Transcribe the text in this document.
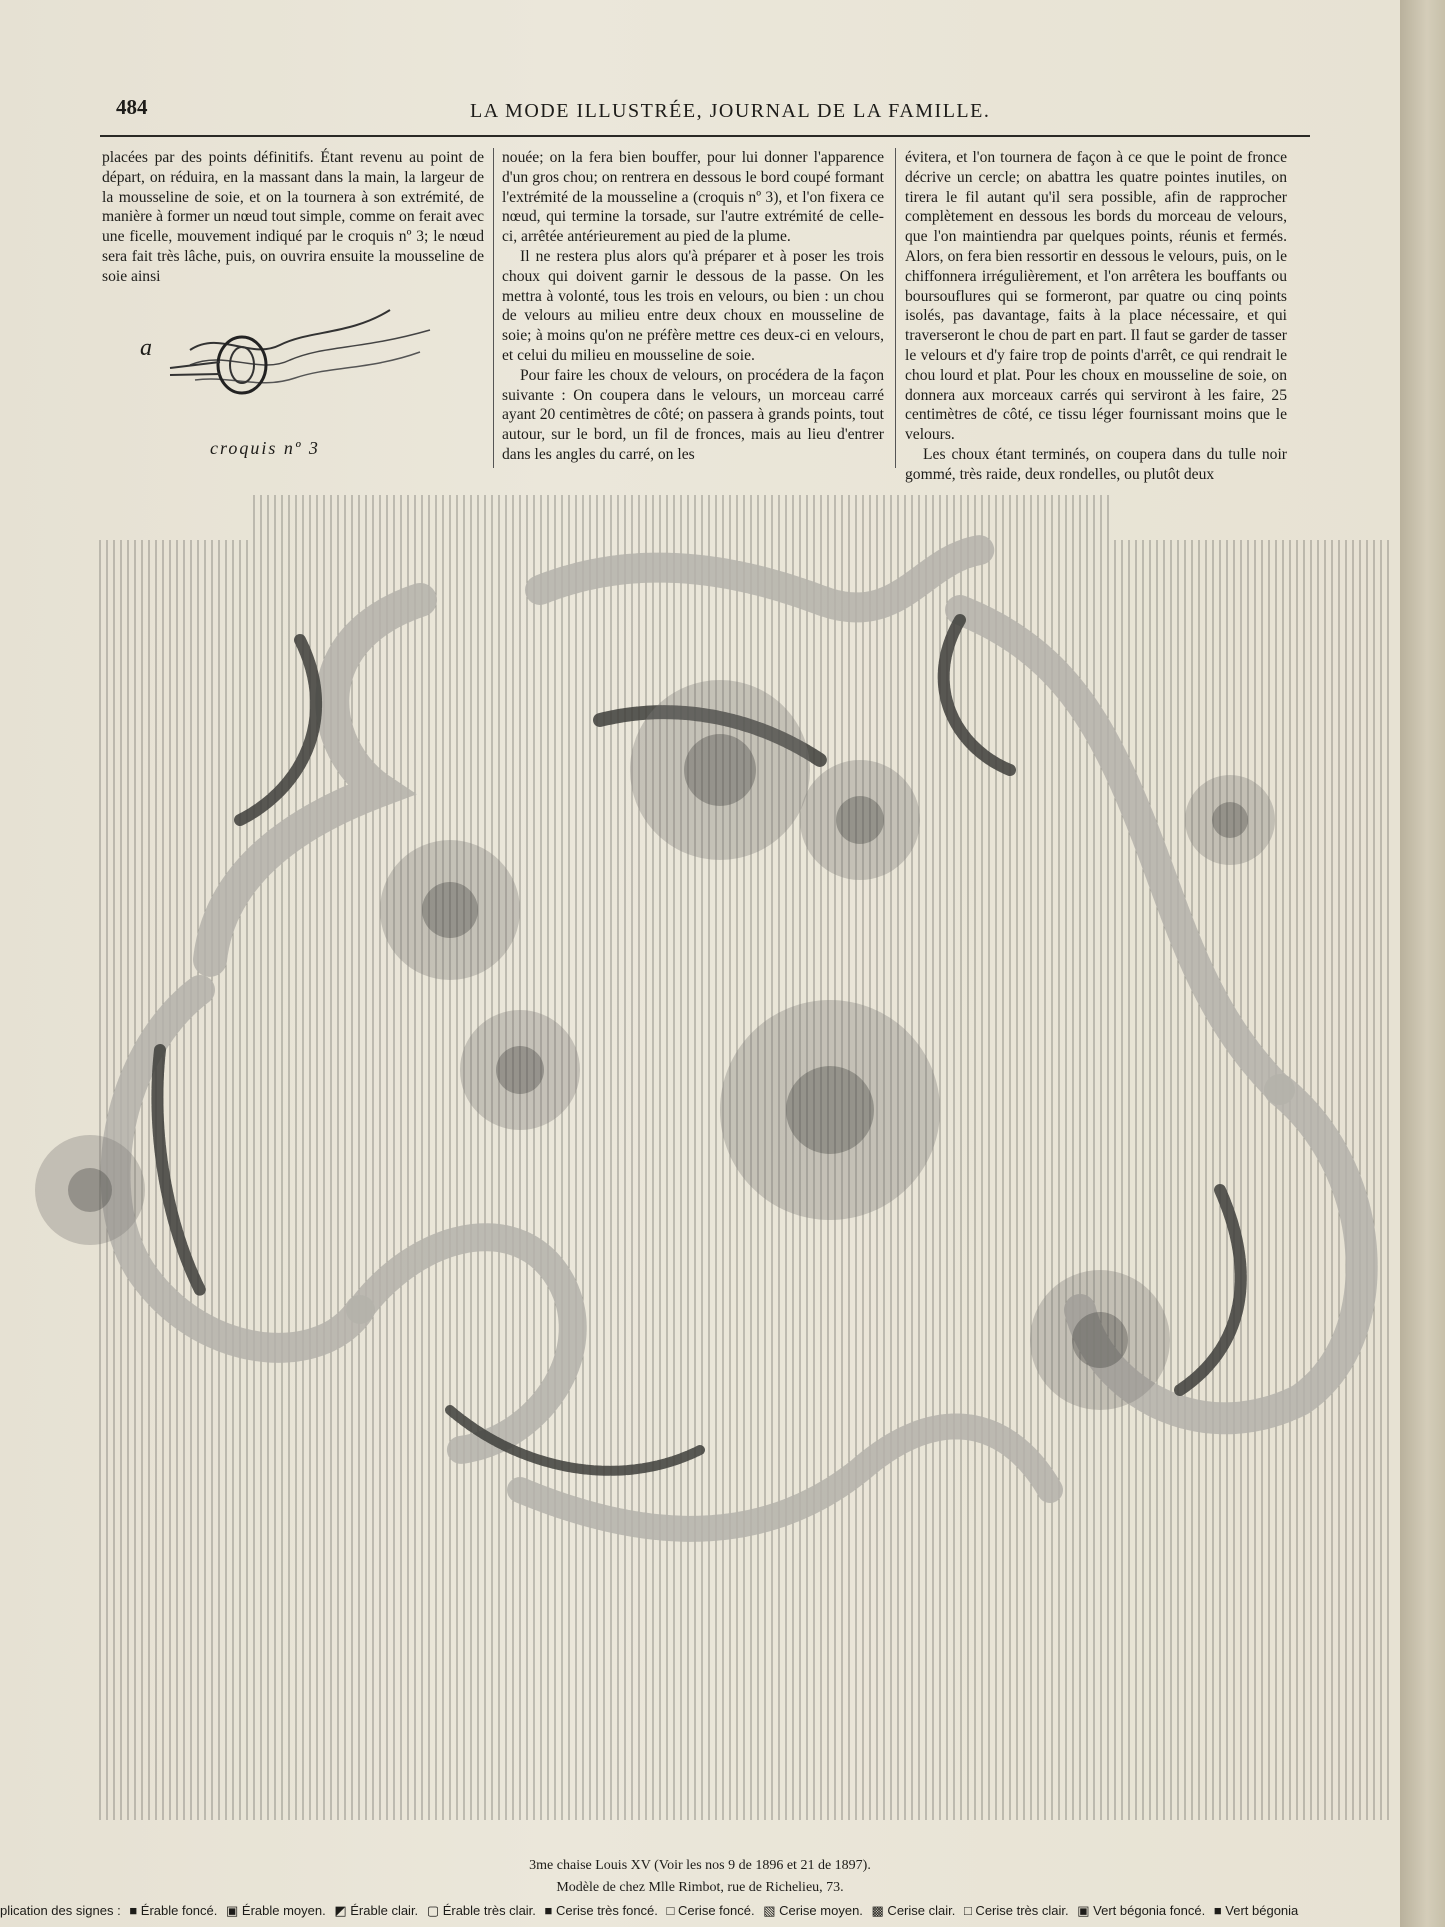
484	LA MODE ILLUSTRÉE, JOURNAL DE LA FAMILLE.

placées par des points définitifs. Étant revenu au point de départ, on réduira, en la massant dans la main, la largeur de la mousseline de soie, et on la tournera à son extrémité, de manière à former un nœud tout simple, comme on ferait avec une ficelle, mouvement indiqué par le croquis nº 3; le nœud sera fait très lâche, puis, on ouvrira ensuite la mousseline de soie ainsi

nouée; on la fera bien bouffer, pour lui donner l'apparence d'un gros chou; on rentrera en dessous le bord coupé formant l'extrémité de la mousseline a (croquis nº 3), et l'on fixera ce nœud, qui termine la torsade, sur l'autre extrémité de celle-ci, arrêtée antérieurement au pied de la plume.

Il ne restera plus alors qu'à préparer et à poser les trois choux qui doivent garnir le dessous de la passe. On les mettra à volonté, tous les trois en velours, ou bien : un chou de velours au milieu entre deux choux en mousseline de soie; à moins qu'on ne préfère mettre ces deux-ci en velours, et celui du milieu en mousseline de soie.

Pour faire les choux de velours, on procédera de la façon suivante : On coupera dans le velours, un morceau carré ayant 20 centimètres de côté; on passera à grands points, tout autour, sur le bord, un fil de fronces, mais au lieu d'entrer dans les angles du carré, on les

évitera, et l'on tournera de façon à ce que le point de fronce décrive un cercle; on abattra les quatre pointes inutiles, on tirera le fil autant qu'il sera possible, afin de rapprocher complètement en dessous les bords du morceau de velours, que l'on maintiendra par quelques points, réunis et fermés. Alors, on fera bien ressortir en dessous le velours, puis, on le chiffonnera irrégulièrement, et l'on arrêtera les bouffants ou boursouflures qui se formeront, par quatre ou cinq points isolés, pas davantage, faits à la place nécessaire, et qui traverseront le chou de part en part. Il faut se garder de tasser le velours et d'y faire trop de points d'arrêt, ce qui rendrait le chou lourd et plat. Pour les choux en mousseline de soie, on donnera aux morceaux carrés qui serviront à les faire, 25 centimètres de côté, ce tissu léger fournissant moins que le velours.

Les choux étant terminés, on coupera dans du tulle noir gommé, très raide, deux rondelles, ou plutôt deux

a
croquis nº 3
3me chaise Louis XV (Voir les nos 9 de 1896 et 21 de 1897).
Modèle de chez Mlle Rimbot, rue de Richelieu, 73.
plication des signes : ■ Érable foncé. ▣ Érable moyen. ◩ Érable clair. ▢ Érable très clair. ■ Cerise très foncé. □ Cerise foncé. ▧ Cerise moyen. ▩ Cerise clair. □ Cerise très clair. ▣ Vert bégonia foncé. ■ Vert bégonia
